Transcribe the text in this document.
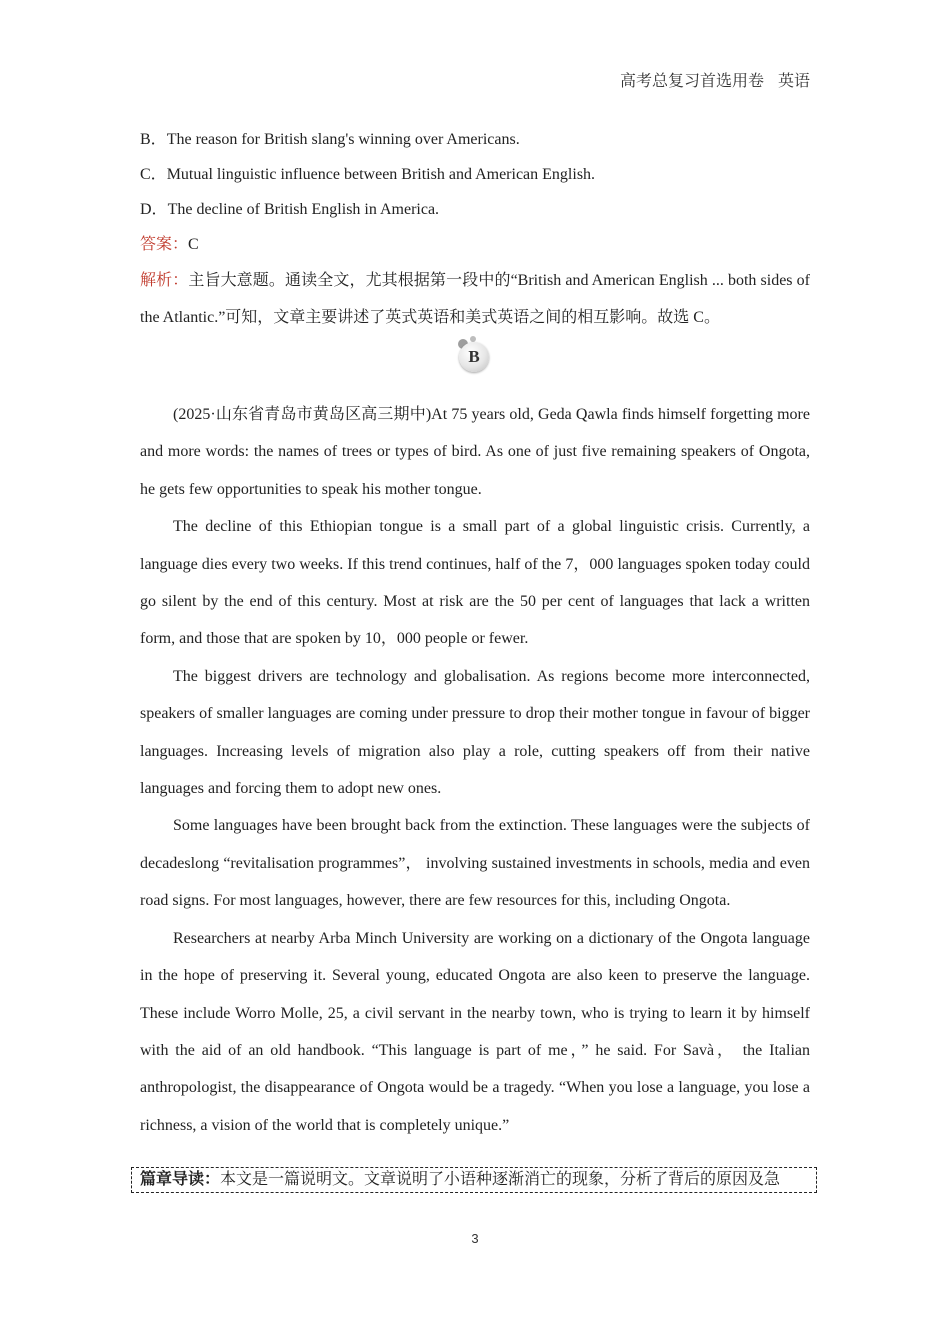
高考总复习首选用卷 英语
B．The reason for British slang's winning over Americans.
C．Mutual linguistic influence between British and American English.
D．The decline of British English in America.
答案：C
解析：主旨大意题。通读全文，尤其根据第一段中的“British and American English ... both sides of the Atlantic.”可知，文章主要讲述了英式英语和美式英语之间的相互影响。故选 C。
B

(2025·山东省青岛市黄岛区高三期中)At 75 years old, Geda Qawla finds himself forgetting more and more words: the names of trees or types of bird. As one of just five remaining speakers of Ongota, he gets few opportunities to speak his mother tongue.

The decline of this Ethiopian tongue is a small part of a global linguistic crisis. Currently, a language dies every two weeks. If this trend continues, half of the 7，000 languages spoken today could go silent by the end of this century. Most at risk are the 50 per cent of languages that lack a written form, and those that are spoken by 10，000 people or fewer.

The biggest drivers are technology and globalisation. As regions become more interconnected, speakers of smaller languages are coming under pressure to drop their mother tongue in favour of bigger languages. Increasing levels of migration also play a role, cutting speakers off from their native languages and forcing them to adopt new ones.

Some languages have been brought back from the extinction. These languages were the subjects of decadeslong “revitalisation programmes”， involving sustained investments in schools, media and even road signs. For most languages, however, there are few resources for this, including Ongota.

Researchers at nearby Arba Minch University are working on a dictionary of the Ongota language in the hope of preserving it. Several young, educated Ongota are also keen to preserve the language. These include Worro Molle, 25, a civil servant in the nearby town, who is trying to learn it by himself with the aid of an old handbook. “This language is part of me，” he said. For Savà， the Italian anthropologist, the disappearance of Ongota would be a tragedy. “When you lose a language, you lose a richness, a vision of the world that is completely unique.”

篇章导读：本文是一篇说明文。文章说明了小语种逐渐消亡的现象，分析了背后的原因及急
3
